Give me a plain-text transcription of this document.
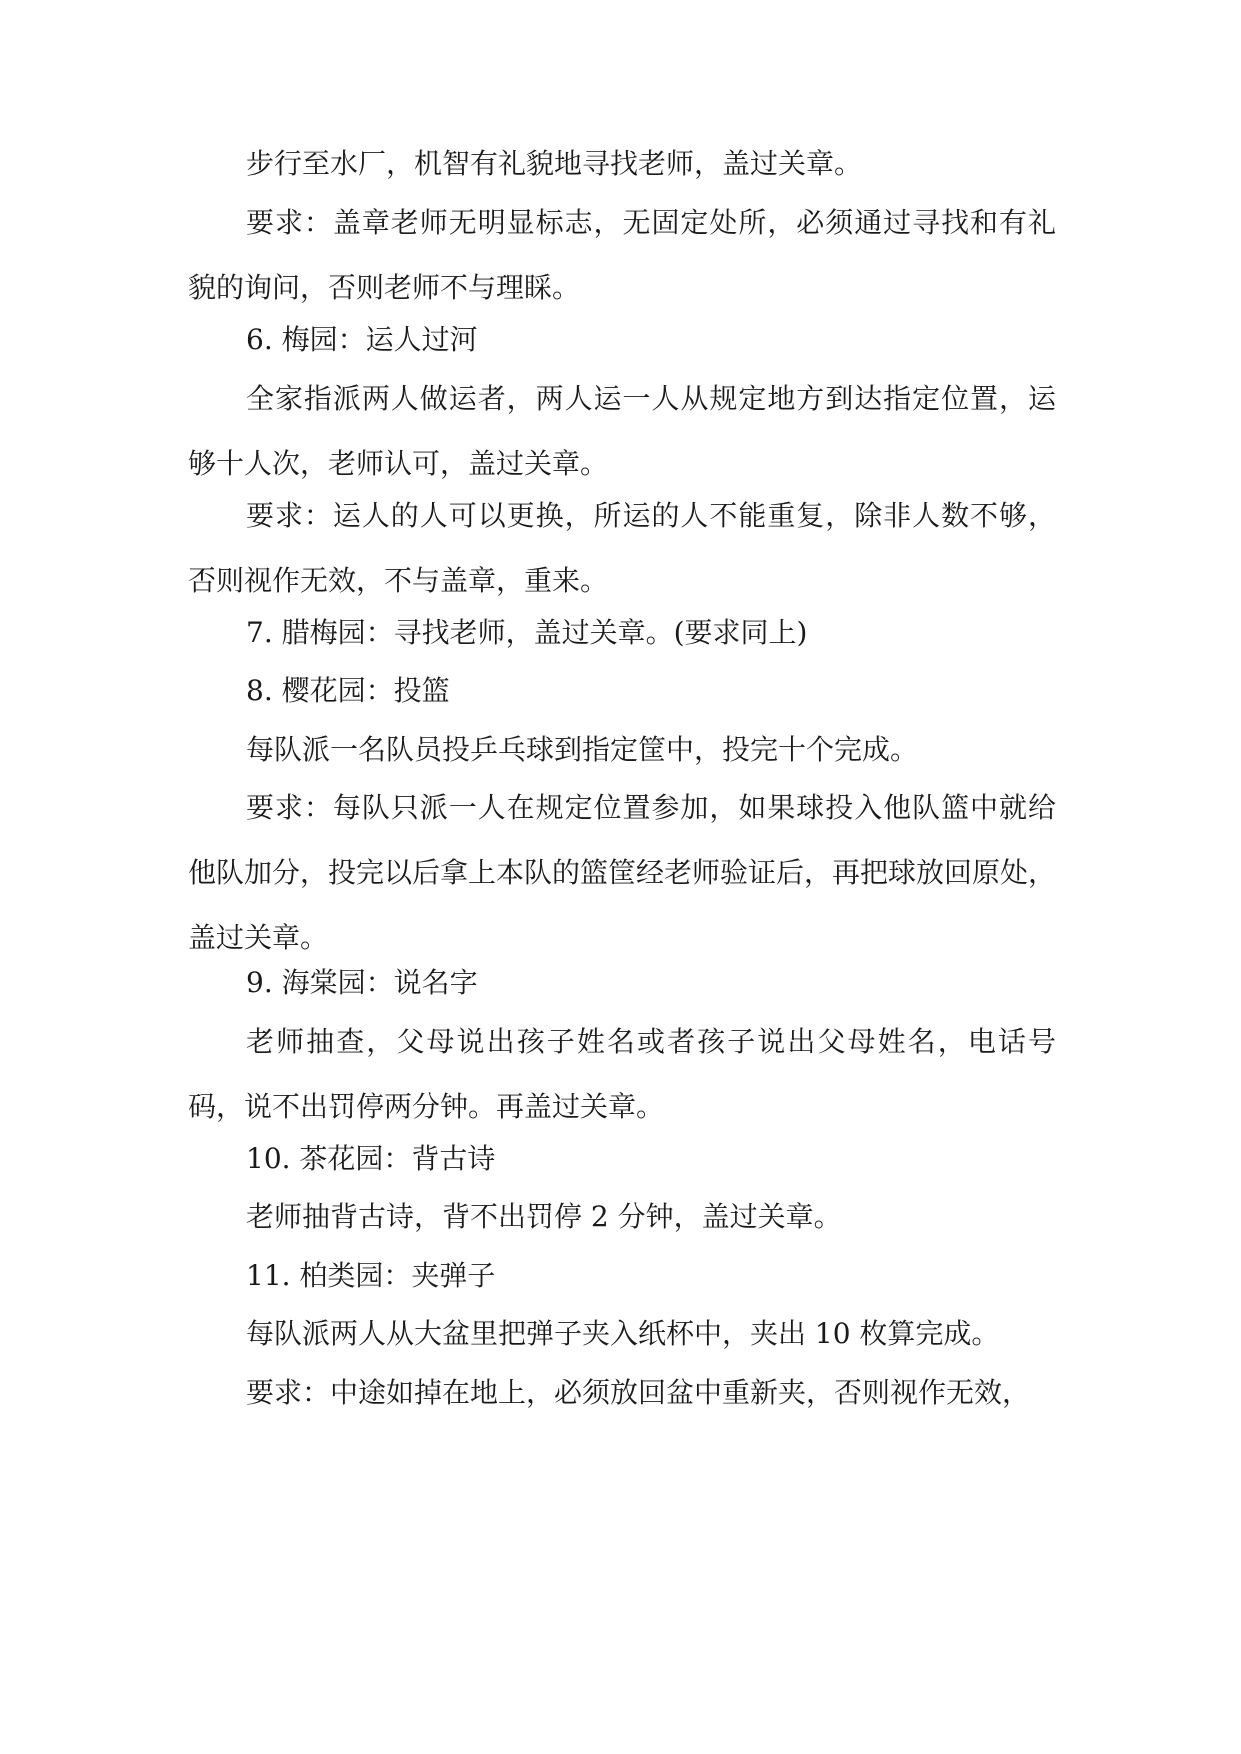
步行至水厂，机智有礼貌地寻找老师，盖过关章。

要求：盖章老师无明显标志，无固定处所，必须通过寻找和有礼貌的询问，否则老师不与理睬。

6. 梅园：运人过河

全家指派两人做运者，两人运一人从规定地方到达指定位置，运够十人次，老师认可，盖过关章。

要求：运人的人可以更换，所运的人不能重复，除非人数不够，否则视作无效，不与盖章，重来。

7. 腊梅园：寻找老师，盖过关章。(要求同上)

8. 樱花园：投篮

每队派一名队员投乒乓球到指定筐中，投完十个完成。

要求：每队只派一人在规定位置参加，如果球投入他队篮中就给他队加分，投完以后拿上本队的篮筐经老师验证后，再把球放回原处，盖过关章。

9. 海棠园：说名字

老师抽查，父母说出孩子姓名或者孩子说出父母姓名，电话号码，说不出罚停两分钟。再盖过关章。

10. 茶花园：背古诗

老师抽背古诗，背不出罚停 2 分钟，盖过关章。

11. 柏类园：夹弹子

每队派两人从大盆里把弹子夹入纸杯中，夹出 10 枚算完成。

要求：中途如掉在地上，必须放回盆中重新夹，否则视作无效，
